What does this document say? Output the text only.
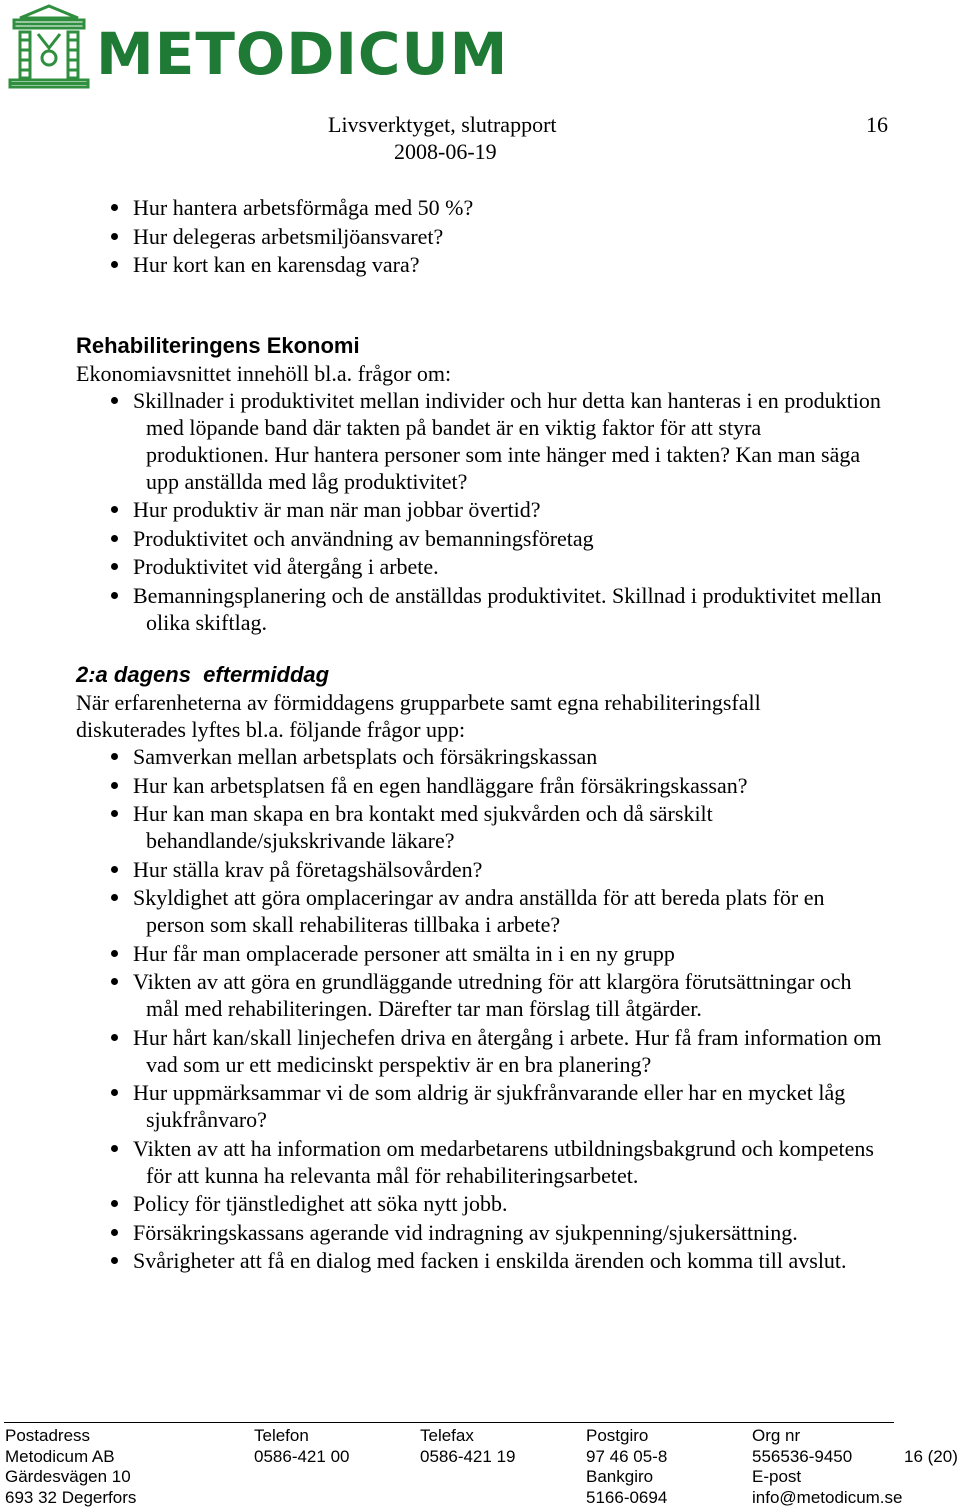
METODICUM
Livsverktyget, slutrapport	16
2008-06-19
Hur hantera arbetsförmåga med 50 %?
Hur delegeras arbetsmiljöansvaret?
Hur kort kan en karensdag vara?
Rehabiliteringens Ekonomi

Ekonomiavsnittet innehöll bl.a. frågor om:

Skillnader i produktivitet mellan individer och hur detta kan hanteras i en produktion med löpande band där takten på bandet är en viktig faktor för att styra produktionen. Hur hantera personer som inte hänger med i takten? Kan man säga upp anställda med låg produktivitet?
Hur produktiv är man när man jobbar övertid?
Produktivitet och användning av bemanningsföretag
Produktivitet vid återgång i arbete.
Bemanningsplanering och de anställdas produktivitet. Skillnad i produktivitet mellan olika skiftlag.
2:a dagens eftermiddag

När erfarenheterna av förmiddagens grupparbete samt egna rehabiliteringsfall diskuterades lyftes bl.a. följande frågor upp:

Samverkan mellan arbetsplats och försäkringskassan
Hur kan arbetsplatsen få en egen handläggare från försäkringskassan?
Hur kan man skapa en bra kontakt med sjukvården och då särskilt behandlande/sjukskrivande läkare?
Hur ställa krav på företagshälsovården?
Skyldighet att göra omplaceringar av andra anställda för att bereda plats för en person som skall rehabiliteras tillbaka i arbete?
Hur får man omplacerade personer att smälta in i en ny grupp
Vikten av att göra en grundläggande utredning för att klargöra förutsättningar och mål med rehabiliteringen. Därefter tar man förslag till åtgärder.
Hur hårt kan/skall linjechefen driva en återgång i arbete. Hur få fram information om vad som ur ett medicinskt perspektiv är en bra planering?
Hur uppmärksammar vi de som aldrig är sjukfrånvarande eller har en mycket låg sjukfrånvaro?
Vikten av att ha information om medarbetarens utbildningsbakgrund och kompetens för att kunna ha relevanta mål för rehabiliteringsarbetet.
Policy för tjänstledighet att söka nytt jobb.
Försäkringskassans agerande vid indragning av sjukpenning/sjukersättning.
Svårigheter att få en dialog med facken i enskilda ärenden och komma till avslut.
Postadress
Metodicum AB
Gärdesvägen 10
693 32 Degerfors
Telefon
0586-421 00
Telefax
0586-421 19
Postgiro
97 46 05-8
Bankgiro
5166-0694
Org nr
556536-9450
E-post
info@metodicum.se
16 (20)
